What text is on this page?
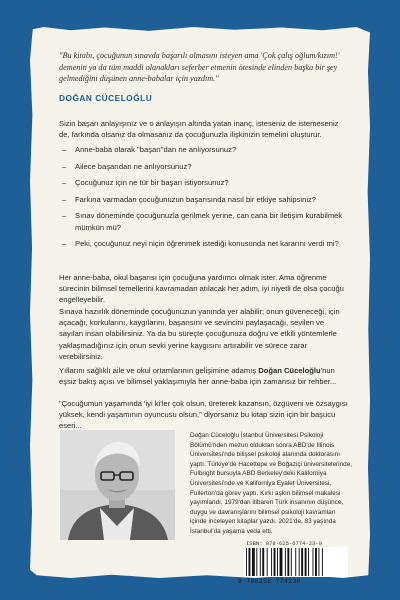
"Bu kitabı, çocuğunun sınavda başarılı olmasını isteyen ama 'Çok çalış oğlum/kızım!' demenin ya da tüm maddi olanakları seferber etmenin ötesinde elinden başka bir şey gelmediğini düşünen anne-babalar için yazdım."
DOĞAN CÜCELOĞLU
Sizin başarı anlayışınız ve o anlayışın altında yatan inanç, isteseniz de istemeseniz de, farkında olsanız da olmasanız da çocuğunuzla ilişkinizin temelini oluşturur.
– Anne-baba olarak "başarı"dan ne anlıyorsunuz?
– Ailece başarıdan ne anlıyorsunuz?
– Çocuğunuz için ne tür bir başarı istiyorsunuz?
– Farkına varmadan çocuğunuzun başarısında nasıl bir etkiye sahipsiniz?
– Sınav döneminde çocuğunuzla gerilmek yerine, can cana bir iletişim kurabilmek mümkün mü?
– Peki, çocuğunuz neyi niçin öğrenmek istediği konusunda net kararını verdi mi?
Her anne-baba, okul başarısı için çocuğuna yardımcı olmak ister. Ama öğrenme sürecinin bilimsel temellerini kavramadan atılacak her adım, iyi niyetli de olsa çocuğu engelleyebilir.
Sınava hazırlık döneminde çocuğunuzun yanında yer alabilir; onun güveneceği, için açacağı, korkularını, kaygılarını, başarısını ve sevincini paylaşacağı, sevilen ve sayılan insan olabilirsiniz. Ya da bu süreçte çocuğunuza doğru ve etkili yöntemlerle yaklaşmadığınız için onun sevki yerine kaygısını artırabilir ve sürece zarar verebilirsiniz.
Yıllarını sağlıklı aile ve okul ortamlarının gelişimine adamış Doğan Cüceloğlu'nun eşsiz bakış açısı ve bilimsel yaklaşımıyla her anne-baba için zamansız bir rehber...
"Çocuğumun yaşamında 'iyi ki'ler çok olsun, üreterek kazansın, özgüveni ve özsaygısı yüksek, kendi yaşamının oyuncusu olsun," diyorsanız bu kitap sizin için bir başucu eseri...
Doğan Cüceloğlu İstanbul Üniversitesi Psikoloji Bölümü'nden mezun olduktan sonra ABD'de Illinois Üniversitesi'nde bilişsel psikoloji alanında doktorasını yaptı. Türkiye'de Hacettepe ve Boğaziçi üniversitelerinde, Fulbright bursuyla ABD Berkeley'deki Kaliforniya Üniversitesi'nde ve Kaliforniya Eyalet Üniversitesi, Fullerton'da görev yaptı. Kırkı aşkın bilimsel makalesi yayımlandı. 1979'dan itibaren Türk insanının düşünce, duygu ve davranışlarını bilimsel psikoloji kavramları içinde inceleyen kitaplar yazdı. 2021'de, 83 yaşında İstanbul'da yaşama veda etti.
ISBN: 978-625-6774-23-0
9 786256 774230
